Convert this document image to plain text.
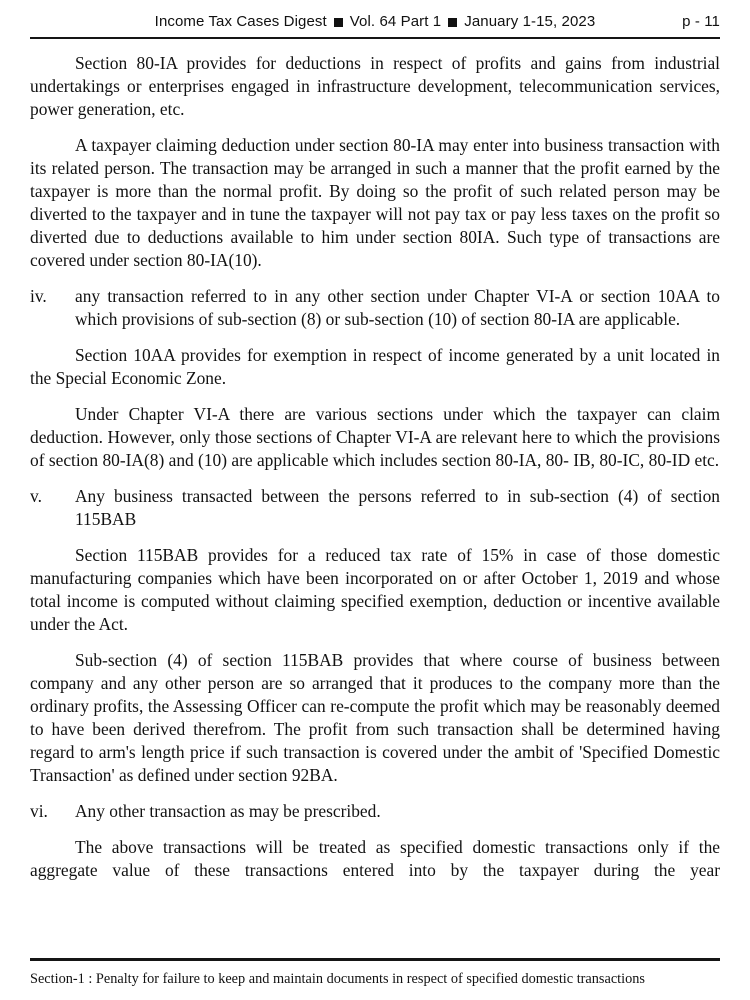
Income Tax Cases Digest Vol. 64 Part 1 January 1-15, 2023	p - 11

Section 80-IA provides for deductions in respect of profits and gains from industrial undertakings or enterprises engaged in infrastructure development, telecommunication services, power generation, etc.

A taxpayer claiming deduction under section 80-IA may enter into business transaction with its related person. The transaction may be arranged in such a manner that the profit earned by the taxpayer is more than the normal profit. By doing so the profit of such related person may be diverted to the taxpayer and in tune the taxpayer will not pay tax or pay less taxes on the profit so diverted due to deductions available to him under section 80IA. Such type of transactions are covered under section 80-IA(10).

iv. any transaction referred to in any other section under Chapter VI-A or section 10AA to which provisions of sub-section (8) or sub-section (10) of section 80-IA are applicable.

Section 10AA provides for exemption in respect of income generated by a unit located in the Special Economic Zone.

Under Chapter VI-A there are various sections under which the taxpayer can claim deduction. However, only those sections of Chapter VI-A are relevant here to which the provisions of section 80-IA(8) and (10) are applicable which includes section 80-IA, 80- IB, 80-IC, 80-ID etc.

v. Any business transacted between the persons referred to in sub-section (4) of section 115BAB

Section 115BAB provides for a reduced tax rate of 15% in case of those domestic manufacturing companies which have been incorporated on or after October 1, 2019 and whose total income is computed without claiming specified exemption, deduction or incentive available under the Act.

Sub-section (4) of section 115BAB provides that where course of business between company and any other person are so arranged that it produces to the company more than the ordinary profits, the Assessing Officer can re-compute the profit which may be reasonably deemed to have been derived therefrom. The profit from such transaction shall be determined having regard to arm's length price if such transaction is covered under the ambit of 'Specified Domestic Transaction' as defined under section 92BA.

vi. Any other transaction as may be prescribed.

The above transactions will be treated as specified domestic transactions only if the aggregate value of these transactions entered into by the taxpayer during the year

Section-1 : Penalty for failure to keep and maintain documents in respect of specified domestic transactions
